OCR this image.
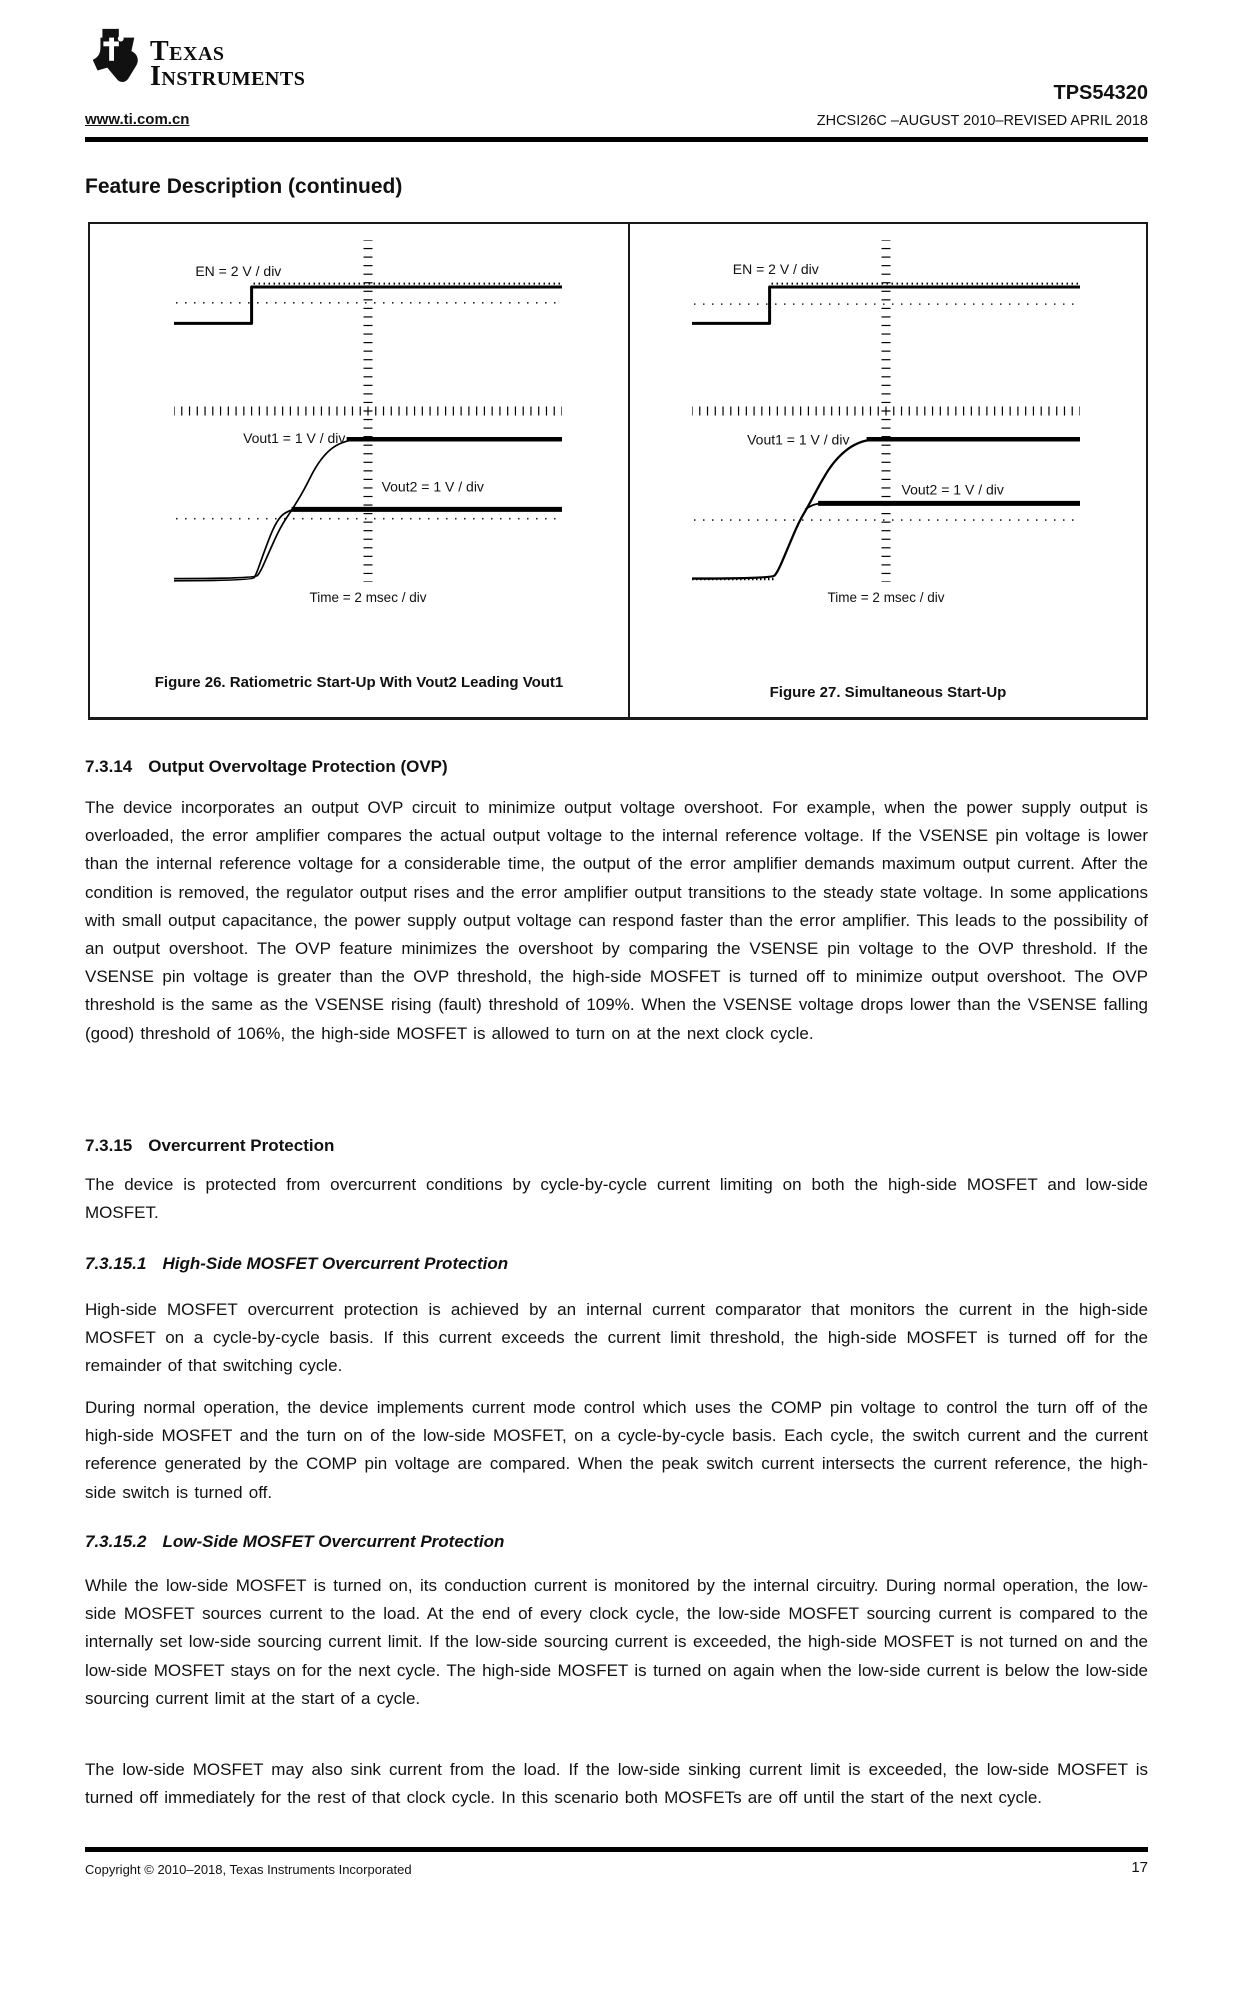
Texas
Instruments
TPS54320
www.ti.com.cn	ZHCSI26C –AUGUST 2010–REVISED APRIL 2018
Feature Description (continued)
EN = 2 V / div
Vout1 = 1 V / div
Vout2 = 1 V / div
Time = 2 msec / div
Figure 26. Ratiometric Start-Up With Vout2 Leading Vout1
EN = 2 V / div
Vout1 = 1 V / div
Vout2 = 1 V / div
Time = 2 msec / div
Figure 27. Simultaneous Start-Up
7.3.14 Output Overvoltage Protection (OVP)
The device incorporates an output OVP circuit to minimize output voltage overshoot. For example, when the power supply output is overloaded, the error amplifier compares the actual output voltage to the internal reference voltage. If the VSENSE pin voltage is lower than the internal reference voltage for a considerable time, the output of the error amplifier demands maximum output current. After the condition is removed, the regulator output rises and the error amplifier output transitions to the steady state voltage. In some applications with small output capacitance, the power supply output voltage can respond faster than the error amplifier. This leads to the possibility of an output overshoot. The OVP feature minimizes the overshoot by comparing the VSENSE pin voltage to the OVP threshold. If the VSENSE pin voltage is greater than the OVP threshold, the high-side MOSFET is turned off to minimize output overshoot. The OVP threshold is the same as the VSENSE rising (fault) threshold of 109%. When the VSENSE voltage drops lower than the VSENSE falling (good) threshold of 106%, the high-side MOSFET is allowed to turn on at the next clock cycle.
7.3.15 Overcurrent Protection
The device is protected from overcurrent conditions by cycle-by-cycle current limiting on both the high-side MOSFET and low-side MOSFET.
7.3.15.1 High-Side MOSFET Overcurrent Protection
High-side MOSFET overcurrent protection is achieved by an internal current comparator that monitors the current in the high-side MOSFET on a cycle-by-cycle basis. If this current exceeds the current limit threshold, the high-side MOSFET is turned off for the remainder of that switching cycle.
During normal operation, the device implements current mode control which uses the COMP pin voltage to control the turn off of the high-side MOSFET and the turn on of the low-side MOSFET, on a cycle-by-cycle basis. Each cycle, the switch current and the current reference generated by the COMP pin voltage are compared. When the peak switch current intersects the current reference, the high-side switch is turned off.
7.3.15.2 Low-Side MOSFET Overcurrent Protection
While the low-side MOSFET is turned on, its conduction current is monitored by the internal circuitry. During normal operation, the low-side MOSFET sources current to the load. At the end of every clock cycle, the low-side MOSFET sourcing current is compared to the internally set low-side sourcing current limit. If the low-side sourcing current is exceeded, the high-side MOSFET is not turned on and the low-side MOSFET stays on for the next cycle. The high-side MOSFET is turned on again when the low-side current is below the low-side sourcing current limit at the start of a cycle.
The low-side MOSFET may also sink current from the load. If the low-side sinking current limit is exceeded, the low-side MOSFET is turned off immediately for the rest of that clock cycle. In this scenario both MOSFETs are off until the start of the next cycle.
Copyright © 2010–2018, Texas Instruments Incorporated	17
